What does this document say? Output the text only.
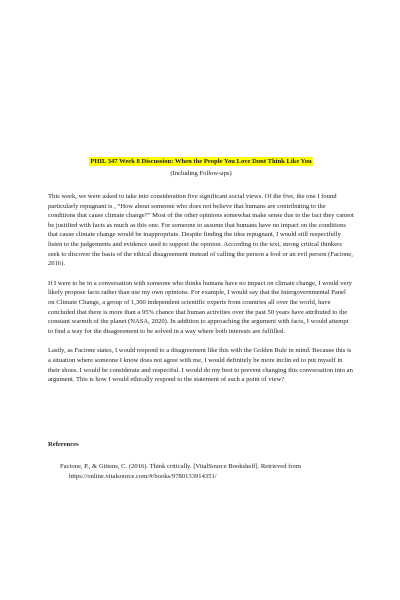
PHIL 347 Week 8 Discussion: When the People You Love Dont Think Like You
(Including Follow-ups)

This week, we were asked to take into consideration five significant social views. Of the five, the one I found particularly repugnant is , “How about someone who does not believe that humans are contributing to the conditions that cause climate change?” Most of the other opinions somewhat make sense due to the fact they cannot be justified with facts as much as this one. For someone to assume that humans have no impact on the conditions that cause climate change would be inappropriate. Despite finding the idea repugnant, I would still respectfully listen to the judgements and evidence used to support the opinion. According to the text, strong critical thinkers seek to discover the basis of the ethical disagreement instead of calling the person a fool or an evil person (Facione, 2016).

If I were to be in a conversation with someone who thinks humans have no impact on climate change, I would very likely propose facts rather than use my own opinions. For example, I would say that the Intergovernmental Panel on Climate Change, a group of 1,300 independent scientific experts from countries all over the world, have concluded that there is more than a 95% chance that human activities over the past 50 years have attributed to the constant warmth of the planet (NASA, 2020). In addition to approaching the argument with facts, I would attempt to find a way for the disagreement to be solved in a way where both interests are fulfilled.

Lastly, as Facione states, I would respond to a disagreement like this with the Golden Rule in mind. Because this is a situation where someone I know does not agree with me, I would definitely be more inclin ed to put myself in their shoes. I would be considerate and respectful. I would do my best to prevent changing this conversation into an argument. This is how I would ethically respond to the statement of such a point of view?

References
Facione, P., & Gittens, C. (2016). Think critically. [VitalSource Bookshelf]. Retrieved from https://online.vitalsource.com/#/books/9780133914351/
